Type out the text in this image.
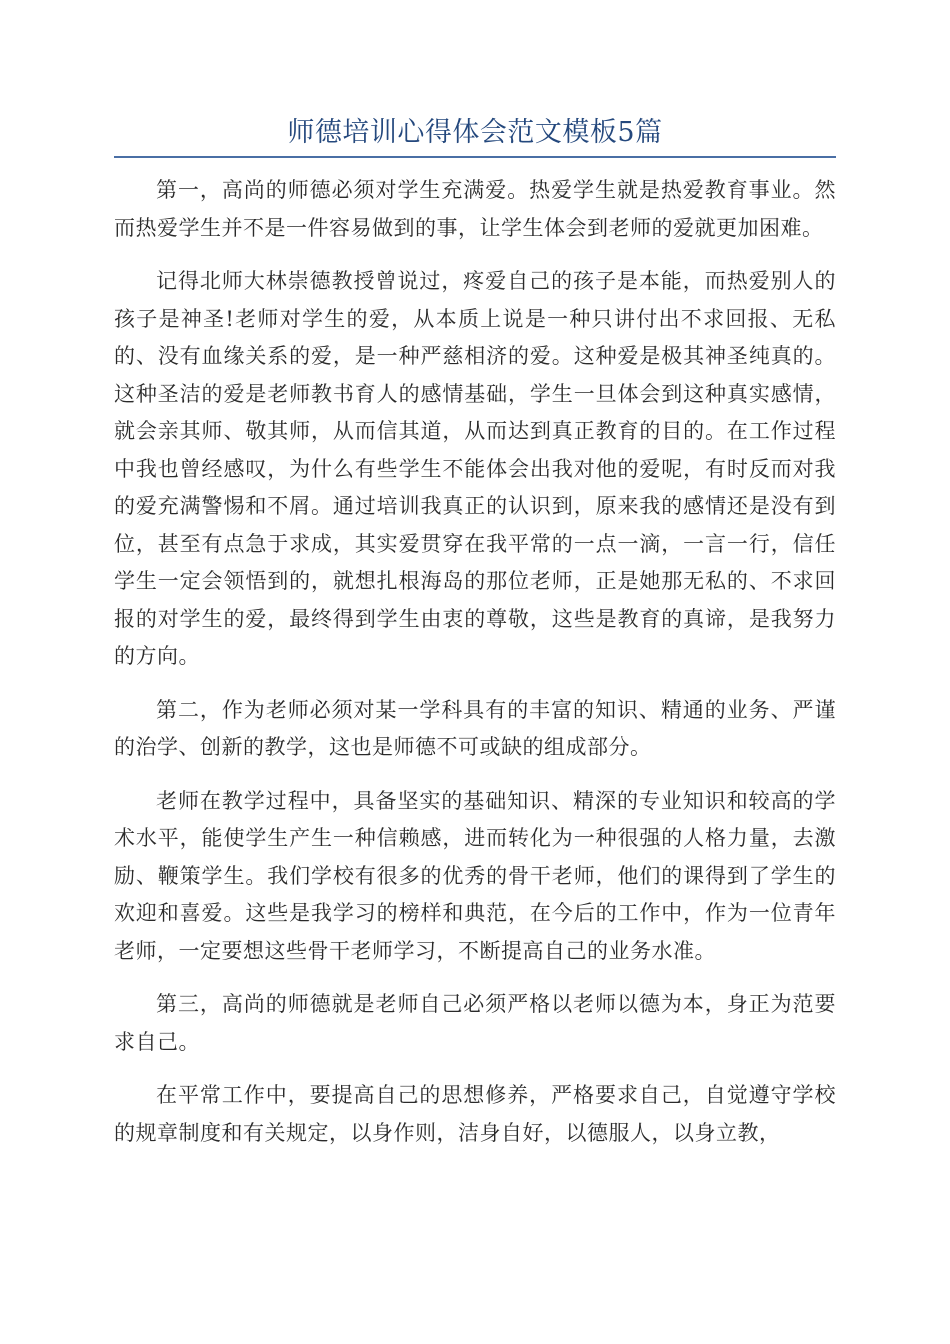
师德培训心得体会范文模板5篇

第一，高尚的师德必须对学生充满爱。热爱学生就是热爱教育事业。然而热爱学生并不是一件容易做到的事，让学生体会到老师的爱就更加困难。

记得北师大林崇德教授曾说过，疼爱自己的孩子是本能，而热爱别人的孩子是神圣!老师对学生的爱，从本质上说是一种只讲付出不求回报、无私的、没有血缘关系的爱，是一种严慈相济的爱。这种爱是极其神圣纯真的。这种圣洁的爱是老师教书育人的感情基础，学生一旦体会到这种真实感情，就会亲其师、敬其师，从而信其道，从而达到真正教育的目的。在工作过程中我也曾经感叹，为什么有些学生不能体会出我对他的爱呢，有时反而对我的爱充满警惕和不屑。通过培训我真正的认识到，原来我的感情还是没有到位，甚至有点急于求成，其实爱贯穿在我平常的一点一滴，一言一行，信任学生一定会领悟到的，就想扎根海岛的那位老师，正是她那无私的、不求回报的对学生的爱，最终得到学生由衷的尊敬，这些是教育的真谛，是我努力的方向。

第二，作为老师必须对某一学科具有的丰富的知识、精通的业务、严谨的治学、创新的教学，这也是师德不可或缺的组成部分。

老师在教学过程中，具备坚实的基础知识、精深的专业知识和较高的学术水平，能使学生产生一种信赖感，进而转化为一种很强的人格力量，去激励、鞭策学生。我们学校有很多的优秀的骨干老师，他们的课得到了学生的欢迎和喜爱。这些是我学习的榜样和典范，在今后的工作中，作为一位青年老师，一定要想这些骨干老师学习，不断提高自己的业务水准。

第三，高尚的师德就是老师自己必须严格以老师以德为本，身正为范要求自己。

在平常工作中，要提高自己的思想修养，严格要求自己，自觉遵守学校的规章制度和有关规定，以身作则，洁身自好，以德服人，以身立教，
